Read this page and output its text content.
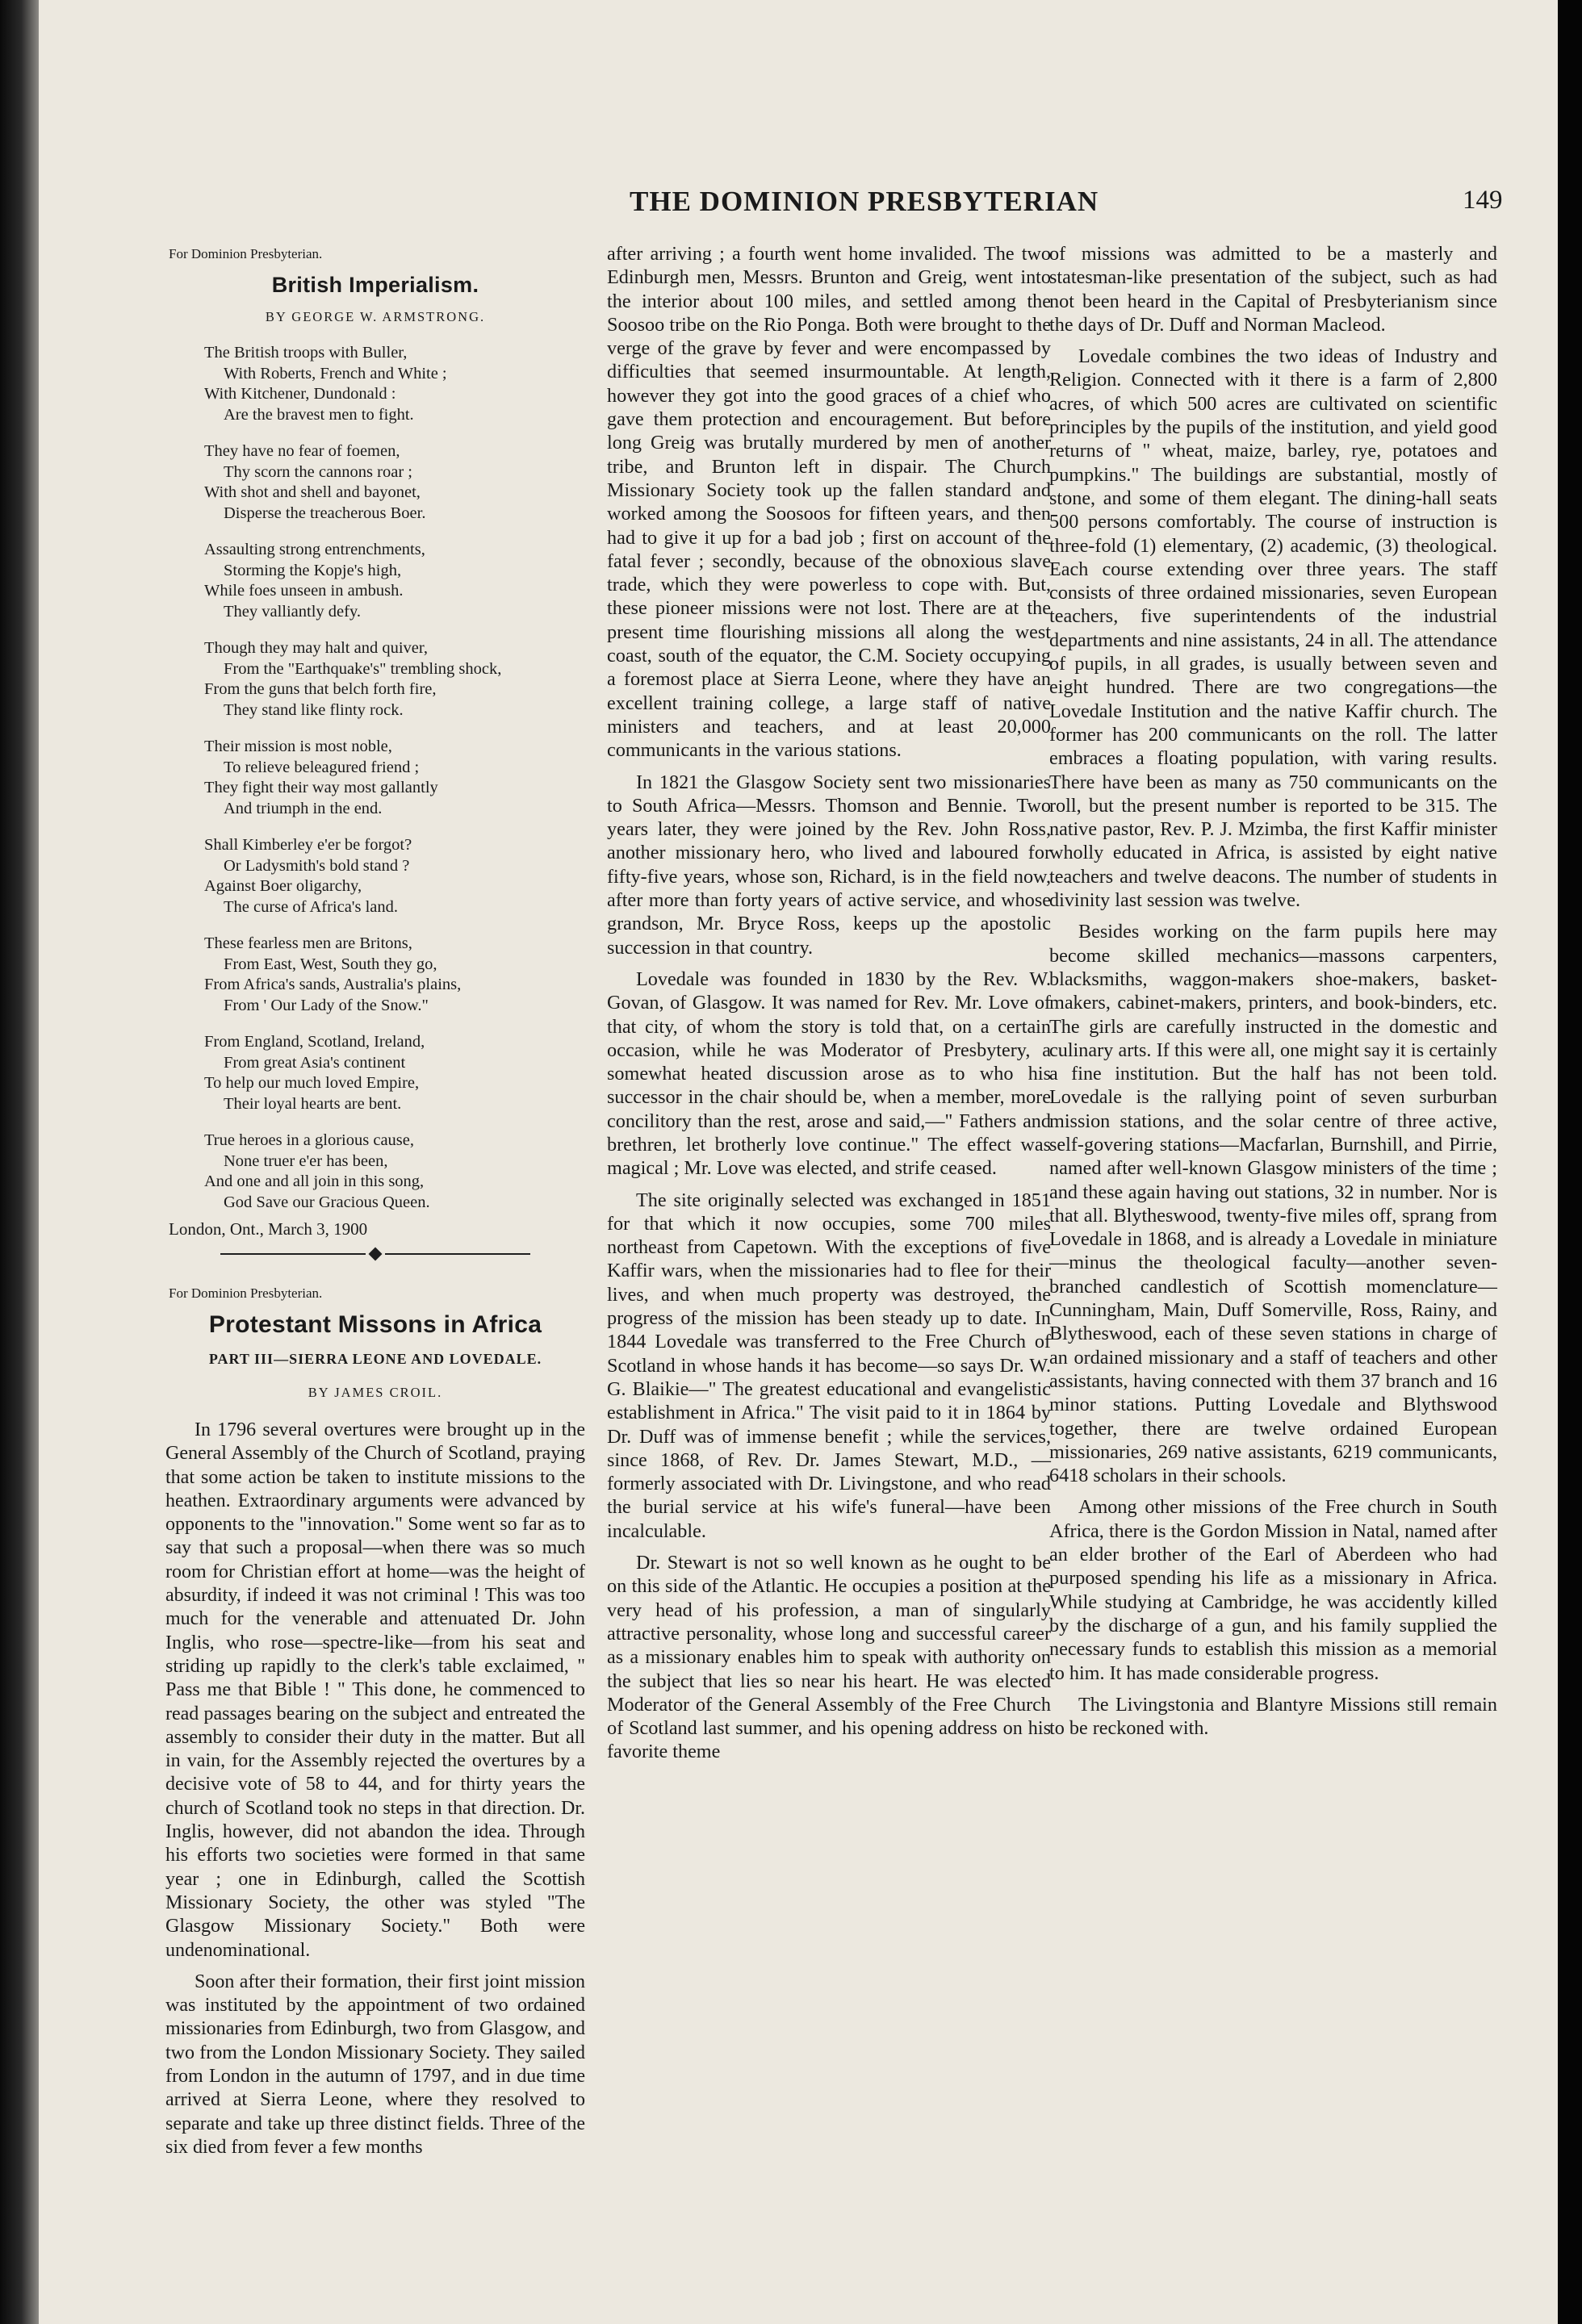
THE DOMINION PRESBYTERIAN	149
For Dominion Presbyterian.
British Imperialism.
BY GEORGE W. ARMSTRONG.
The British troops with Buller,
With Roberts, French and White ;
With Kitchener, Dundonald :
Are the bravest men to fight.
They have no fear of foemen,
Thy scorn the cannons roar ;
With shot and shell and bayonet,
Disperse the treacherous Boer.
Assaulting strong entrenchments,
Storming the Kopje's high,
While foes unseen in ambush.
They valliantly defy.
Though they may halt and quiver,
From the "Earthquake's" trembling shock,
From the guns that belch forth fire,
They stand like flinty rock.
Their mission is most noble,
To relieve beleagured friend ;
They fight their way most gallantly
And triumph in the end.
Shall Kimberley e'er be forgot?
Or Ladysmith's bold stand ?
Against Boer oligarchy,
The curse of Africa's land.
These fearless men are Britons,
From East, West, South they go,
From Africa's sands, Australia's plains,
From ' Our Lady of the Snow."
From England, Scotland, Ireland,
From great Asia's continent
To help our much loved Empire,
Their loyal hearts are bent.
True heroes in a glorious cause,
None truer e'er has been,
And one and all join in this song,
God Save our Gracious Queen.
London, Ont., March 3, 1900
For Dominion Presbyterian.
Protestant Missons in Africa
PART III—SIERRA LEONE AND LOVEDALE.
BY JAMES CROIL.

In 1796 several overtures were brought up in the General Assembly of the Church of Scotland, praying that some action be taken to institute missions to the heathen. Extraordinary arguments were advanced by opponents to the "innovation." Some went so far as to say that such a proposal—when there was so much room for Christian effort at home—was the height of absurdity, if indeed it was not criminal ! This was too much for the venerable and attenuated Dr. John Inglis, who rose—spectre-like—from his seat and striding up rapidly to the clerk's table exclaimed, " Pass me that Bible ! " This done, he commenced to read passages bearing on the subject and entreated the assembly to consider their duty in the matter. But all in vain, for the Assembly rejected the overtures by a decisive vote of 58 to 44, and for thirty years the church of Scotland took no steps in that direction. Dr. Inglis, however, did not abandon the idea. Through his efforts two societies were formed in that same year ; one in Edinburgh, called the Scottish Missionary Society, the other was styled "The Glasgow Missionary Society." Both were undenominational.

Soon after their formation, their first joint mission was instituted by the appointment of two ordained missionaries from Edinburgh, two from Glasgow, and two from the London Missionary Society. They sailed from London in the autumn of 1797, and in due time arrived at Sierra Leone, where they resolved to separate and take up three distinct fields. Three of the six died from fever a few months

after arriving ; a fourth went home invalided. The two Edinburgh men, Messrs. Brunton and Greig, went into the interior about 100 miles, and settled among the Soosoo tribe on the Rio Ponga. Both were brought to the verge of the grave by fever and were encompassed by difficulties that seemed insurmountable. At length, however they got into the good graces of a chief who gave them protection and encouragement. But before long Greig was brutally murdered by men of another tribe, and Brunton left in dispair. The Church Missionary Society took up the fallen standard and worked among the Soosoos for fifteen years, and then had to give it up for a bad job ; first on account of the fatal fever ; secondly, because of the obnoxious slave trade, which they were powerless to cope with. But, these pioneer missions were not lost. There are at the present time flourishing missions all along the west coast, south of the equator, the C.M. Society occupying a foremost place at Sierra Leone, where they have an excellent training college, a large staff of native ministers and teachers, and at least 20,000 communicants in the various stations.

In 1821 the Glasgow Society sent two missionaries to South Africa—Messrs. Thomson and Bennie. Two years later, they were joined by the Rev. John Ross, another missionary hero, who lived and laboured for fifty-five years, whose son, Richard, is in the field now, after more than forty years of active service, and whose grandson, Mr. Bryce Ross, keeps up the apostolic succession in that country.

Lovedale was founded in 1830 by the Rev. W. Govan, of Glasgow. It was named for Rev. Mr. Love of that city, of whom the story is told that, on a certain occasion, while he was Moderator of Presbytery, a somewhat heated discussion arose as to who his successor in the chair should be, when a member, more concilitory than the rest, arose and said,—" Fathers and brethren, let brotherly love continue." The effect was magical ; Mr. Love was elected, and strife ceased.

The site originally selected was exchanged in 1851 for that which it now occupies, some 700 miles northeast from Capetown. With the exceptions of five Kaffir wars, when the missionaries had to flee for their lives, and when much property was destroyed, the progress of the mission has been steady up to date. In 1844 Lovedale was transferred to the Free Church of Scotland in whose hands it has become—so says Dr. W. G. Blaikie—" The greatest educational and evangelistic establishment in Africa." The visit paid to it in 1864 by Dr. Duff was of immense benefit ; while the services, since 1868, of Rev. Dr. James Stewart, M.D., —formerly associated with Dr. Livingstone, and who read the burial service at his wife's funeral—have been incalculable.

Dr. Stewart is not so well known as he ought to be on this side of the Atlantic. He occupies a position at the very head of his profession, a man of singularly attractive personality, whose long and successful career as a missionary enables him to speak with authority on the subject that lies so near his heart. He was elected Moderator of the General Assembly of the Free Church of Scotland last summer, and his opening address on his favorite theme

of missions was admitted to be a masterly and statesman-like presentation of the subject, such as had not been heard in the Capital of Presbyterianism since the days of Dr. Duff and Norman Macleod.

Lovedale combines the two ideas of Industry and Religion. Connected with it there is a farm of 2,800 acres, of which 500 acres are cultivated on scientific principles by the pupils of the institution, and yield good returns of " wheat, maize, barley, rye, potatoes and pumpkins." The buildings are substantial, mostly of stone, and some of them elegant. The dining-hall seats 500 persons comfortably. The course of instruction is three-fold (1) elementary, (2) academic, (3) theological. Each course extending over three years. The staff consists of three ordained missionaries, seven European teachers, five superintendents of the industrial departments and nine assistants, 24 in all. The attendance of pupils, in all grades, is usually between seven and eight hundred. There are two congregations—the Lovedale Institution and the native Kaffir church. The former has 200 communicants on the roll. The latter embraces a floating population, with varing results. There have been as many as 750 communicants on the roll, but the present number is reported to be 315. The native pastor, Rev. P. J. Mzimba, the first Kaffir minister wholly educated in Africa, is assisted by eight native teachers and twelve deacons. The number of students in divinity last session was twelve.

Besides working on the farm pupils here may become skilled mechanics—massons carpenters, blacksmiths, waggon-makers shoe-makers, basket-makers, cabinet-makers, printers, and book-binders, etc. The girls are carefully instructed in the domestic and culinary arts. If this were all, one might say it is certainly a fine institution. But the half has not been told. Lovedale is the rallying point of seven surburban mission stations, and the solar centre of three active, self-govering stations—Macfarlan, Burnshill, and Pirrie, named after well-known Glasgow ministers of the time ; and these again having out stations, 32 in number. Nor is that all. Blytheswood, twenty-five miles off, sprang from Lovedale in 1868, and is already a Lovedale in miniature —minus the theological faculty—another seven-branched candlestich of Scottish momenclature—Cunningham, Main, Duff Somerville, Ross, Rainy, and Blytheswood, each of these seven stations in charge of an ordained missionary and a staff of teachers and other assistants, having connected with them 37 branch and 16 minor stations. Putting Lovedale and Blythswood together, there are twelve ordained European missionaries, 269 native assistants, 6219 communicants, 6418 scholars in their schools.

Among other missions of the Free church in South Africa, there is the Gordon Mission in Natal, named after an elder brother of the Earl of Aberdeen who had purposed spending his life as a missionary in Africa. While studying at Cambridge, he was accidently killed by the discharge of a gun, and his family supplied the necessary funds to establish this mission as a memorial to him. It has made considerable progress.

The Livingstonia and Blantyre Missions still remain to be reckoned with.
